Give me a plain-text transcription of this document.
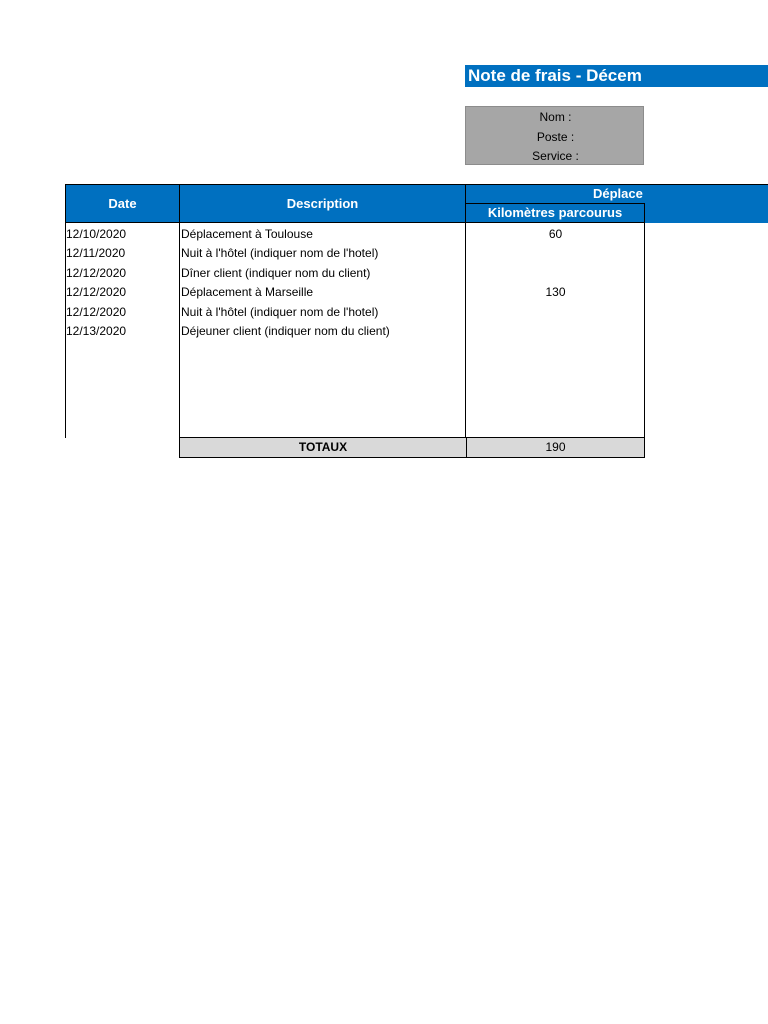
Note de frais - Décem
Nom :
Poste :
Service :
Date	Description
Déplace
Kilomètres parcourus
12/10/2020	Déplacement à Toulouse	60
12/11/2020	Nuit à l'hôtel (indiquer nom de l'hotel)
12/12/2020	Dîner client (indiquer nom du client)
12/12/2020	Déplacement à Marseille	130
12/12/2020	Nuit à l'hôtel (indiquer nom de l'hotel)
12/13/2020	Déjeuner client (indiquer nom du client)
TOTAUX	190
